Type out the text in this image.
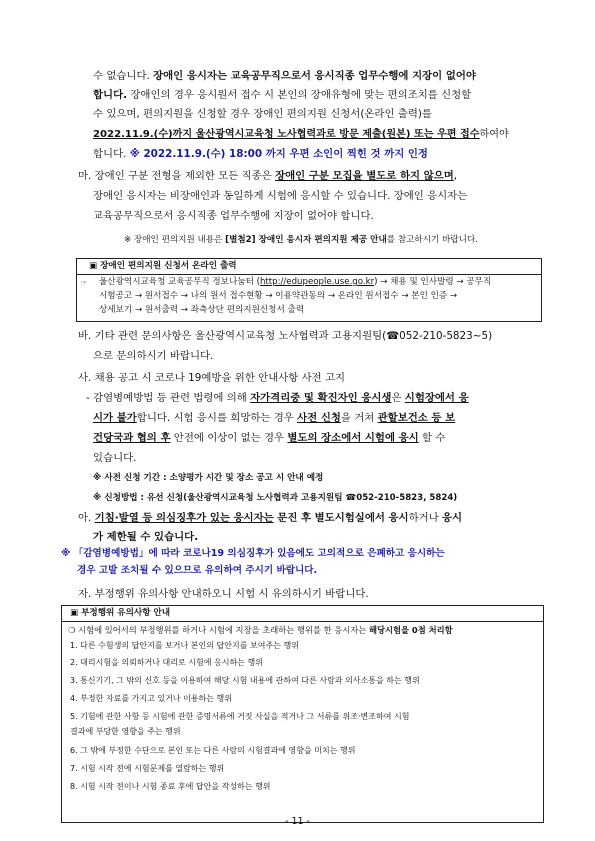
수 없습니다. 장애인 응시자는 교육공무직으로서 응시직종 업무수행에 지장이 없어야
합니다. 장애인의 경우 응시원서 접수 시 본인의 장애유형에 맞는 편의조치를 신청할
수 있으며, 편의지원을 신청할 경우 장애인 편의지원 신청서(온라인 출력)를
2022.11.9.(수)까지 울산광역시교육청 노사협력과로 방문 제출(원본) 또는 우편 접수하여야
합니다. ※ 2022.11.9.(수) 18:00 까지 우편 소인이 찍힌 것 까지 인정
마. 장애인 구분 전형을 제외한 모든 직종은 장애인 구분 모집을 별도로 하지 않으며,
장애인 응시자는 비장애인과 동일하게 시험에 응시할 수 있습니다. 장애인 응시자는
교육공무직으로서 응시직종 업무수행에 지장이 없어야 합니다.
※ 장애인 편의지원 내용은 [별첨2] 장애인 응시자 편의지원 제공 안내를 참고하시기 바랍니다.
▣ 장애인 편의지원 신청서 온라인 출력
☞ 울산광역시교육청 교육공무직 정보나눔터 (http://edupeople.use.go.kr) → 채용 및 인사발령 → 공무직
시험공고 → 원서접수 → 나의 원서 접수현황 → 이용약관동의 → 온라인 원서접수 → 본인 인증 →
상세보기 → 원서출력 → 좌측상단 편의지원신청서 출력
바. 기타 관련 문의사항은 울산광역시교육청 노사협력과 고용지원팀(☎052-210-5823~5)
으로 문의하시기 바랍니다.
사. 채용 공고 시 코로나 19예방을 위한 안내사항 사전 고지
- 감염병예방법 등 관련 법령에 의해 자가격리중 및 확진자인 응시생은 시험장에서 응
시가 불가합니다. 시험 응시를 희망하는 경우 사전 신청을 거쳐 관할보건소 등 보
건당국과 협의 후 안전에 이상이 없는 경우 별도의 장소에서 시험에 응시 할 수
있습니다.
※ 사전 신청 기간 : 소양평가 시간 및 장소 공고 시 안내 예정
※ 신청방법 : 유선 신청(울산광역시교육청 노사협력과 고용지원팀 ☎052-210-5823, 5824)
아. 기침·발열 등 의심징후가 있는 응시자는 문진 후 별도시험실에서 응시하거나 응시
가 제한될 수 있습니다.
※ 「감염병예방법」에 따라 코로나19 의심징후가 있음에도 고의적으로 은폐하고 응시하는
경우 고발 조치될 수 있으므로 유의하여 주시기 바랍니다.
자. 부정행위 유의사항 안내하오니 시험 시 유의하시기 바랍니다.
▣ 부정행위 유의사항 안내
❍ 시험에 있어서의 부정행위를 하거나 시험에 지장을 초래하는 행위를 한 응시자는 해당시험을 0점 처리함
1. 다른 수험생의 답안지를 보거나 본인의 답안지를 보여주는 행위
2. 대리시험을 의뢰하거나 대리로 시험에 응시하는 행위
3. 통신기기, 그 밖의 신호 등을 이용하여 해당 시험 내용에 관하여 다른 사람과 의사소통을 하는 행위
4. 부정한 자료를 가지고 있거나 이용하는 행위
5. 기험에 관한 사항 등 시험에 관한 증명서류에 거짓 사실을 적거나 그 서류를 위조·변조하여 시험
결과에 부당한 영향을 주는 행위
6. 그 밖에 부정한 수단으로 본인 또는 다른 사람의 시험결과에 영향을 미치는 행위
7. 시험 시작 전에 시험문제를 열람하는 행위
8. 시험 시작 전이나 시험 종료 후에 답안을 작성하는 행위
- 11 -
